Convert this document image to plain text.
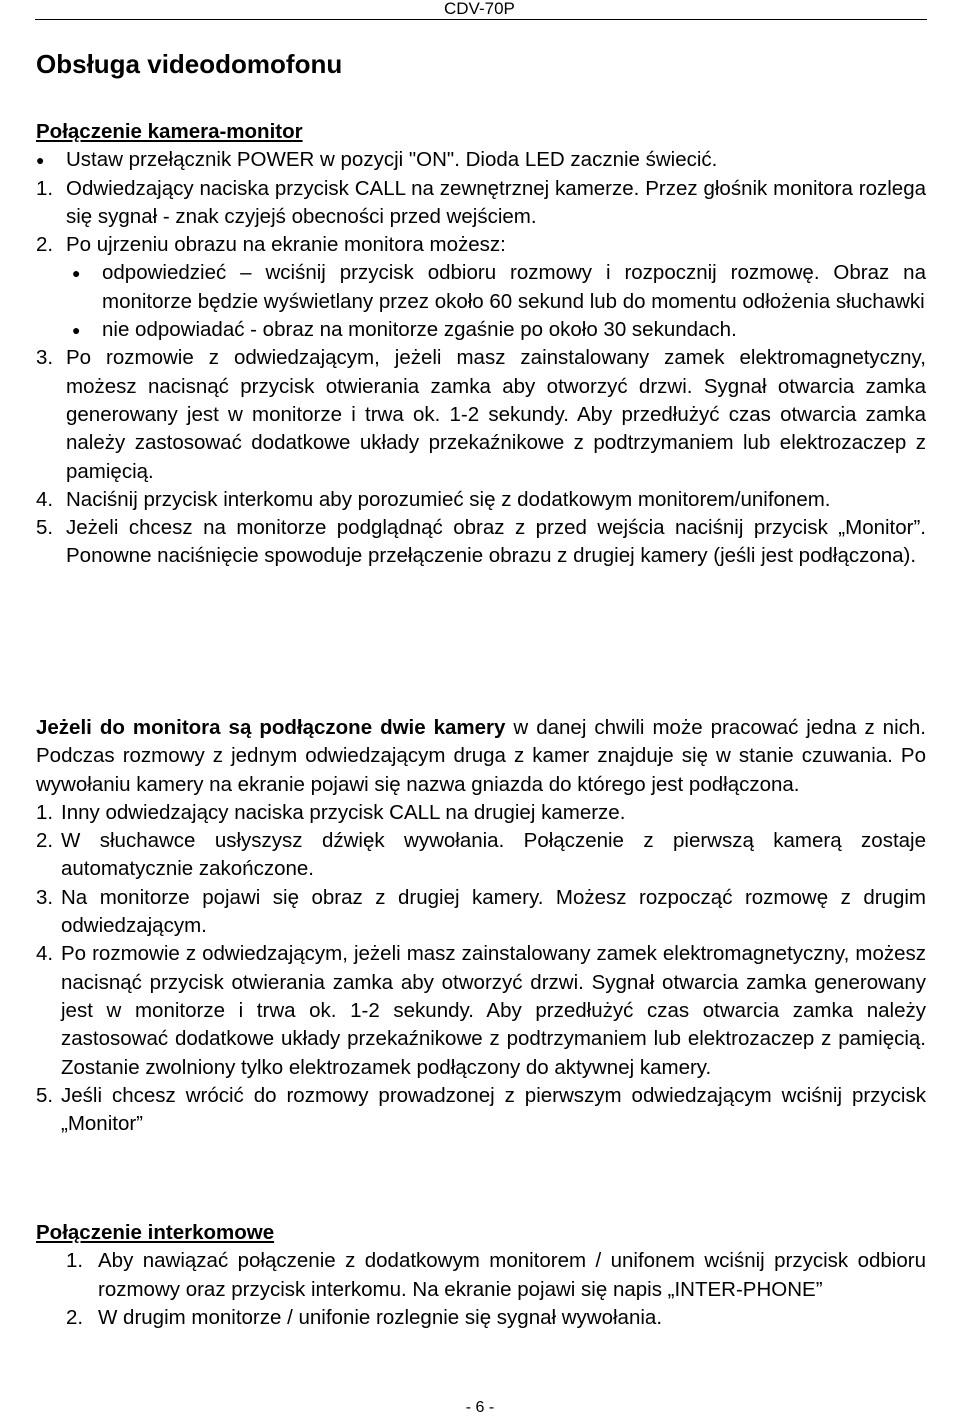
CDV-70P
Obsługa videodomofonu

Połączenie kamera-monitor

● Ustaw przełącznik POWER w pozycji "ON". Dioda LED zacznie świecić.
1. Odwiedzający naciska przycisk CALL na zewnętrznej kamerze. Przez głośnik monitora rozlega się sygnał - znak czyjejś obecności przed wejściem.
2. Po ujrzeniu obrazu na ekranie monitora możesz:
● odpowiedzieć – wciśnij przycisk odbioru rozmowy i rozpocznij rozmowę. Obraz na monitorze będzie wyświetlany przez około 60 sekund lub do momentu odłożenia słuchawki
● nie odpowiadać - obraz na monitorze zgaśnie po około 30 sekundach.
3. Po rozmowie z odwiedzającym, jeżeli masz zainstalowany zamek elektromagnetyczny, możesz nacisnąć przycisk otwierania zamka aby otworzyć drzwi. Sygnał otwarcia zamka generowany jest w monitorze i trwa ok. 1-2 sekundy. Aby przedłużyć czas otwarcia zamka należy zastosować dodatkowe układy przekaźnikowe z podtrzymaniem lub elektrozaczep z pamięcią.
4. Naciśnij przycisk interkomu aby porozumieć się z dodatkowym monitorem/unifonem.
5. Jeżeli chcesz na monitorze podglądnąć obraz z przed wejścia naciśnij przycisk „Monitor”. Ponowne naciśnięcie spowoduje przełączenie obrazu z drugiej kamery (jeśli jest podłączona).

Jeżeli do monitora są podłączone dwie kamery w danej chwili może pracować jedna z nich. Podczas rozmowy z jednym odwiedzającym druga z kamer znajduje się w stanie czuwania. Po wywołaniu kamery na ekranie pojawi się nazwa gniazda do którego jest podłączona.

1. Inny odwiedzający naciska przycisk CALL na drugiej kamerze.
2. W słuchawce usłyszysz dźwięk wywołania. Połączenie z pierwszą kamerą zostaje automatycznie zakończone.
3. Na monitorze pojawi się obraz z drugiej kamery. Możesz rozpocząć rozmowę z drugim odwiedzającym.
4. Po rozmowie z odwiedzającym, jeżeli masz zainstalowany zamek elektromagnetyczny, możesz nacisnąć przycisk otwierania zamka aby otworzyć drzwi. Sygnał otwarcia zamka generowany jest w monitorze i trwa ok. 1-2 sekundy. Aby przedłużyć czas otwarcia zamka należy zastosować dodatkowe układy przekaźnikowe z podtrzymaniem lub elektrozaczep z pamięcią. Zostanie zwolniony tylko elektrozamek podłączony do aktywnej kamery.
5. Jeśli chcesz wrócić do rozmowy prowadzonej z pierwszym odwiedzającym wciśnij przycisk „Monitor”

Połączenie interkomowe

1. Aby nawiązać połączenie z dodatkowym monitorem / unifonem wciśnij przycisk odbioru rozmowy oraz przycisk interkomu. Na ekranie pojawi się napis „INTER-PHONE”
2. W drugim monitorze / unifonie rozlegnie się sygnał wywołania.
- 6 -
